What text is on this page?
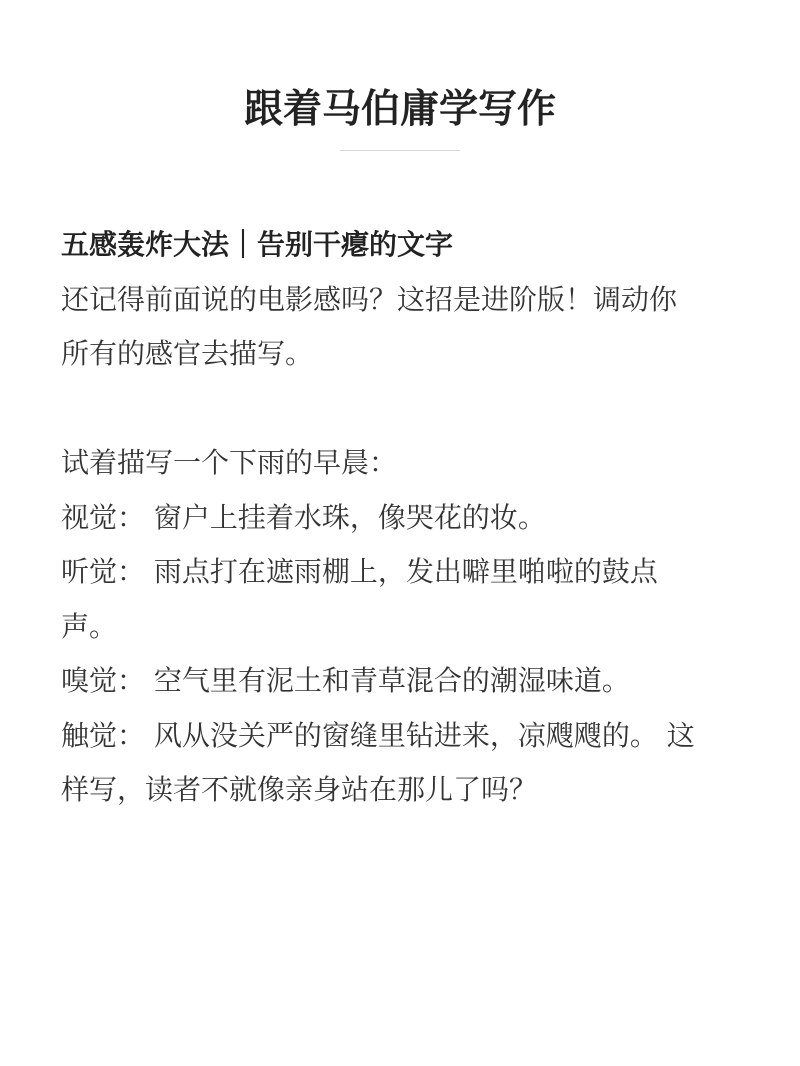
跟着马伯庸学写作

五感轰炸大法｜告别干瘪的文字

还记得前面说的电影感吗？这招是进阶版！调动你

所有的感官去描写。

试着描写一个下雨的早晨：

视觉： 窗户上挂着水珠，像哭花的妆。

听觉： 雨点打在遮雨棚上，发出噼里啪啦的鼓点

声。

嗅觉： 空气里有泥土和青草混合的潮湿味道。

触觉： 风从没关严的窗缝里钻进来，凉飕飕的。 这

样写，读者不就像亲身站在那儿了吗？
